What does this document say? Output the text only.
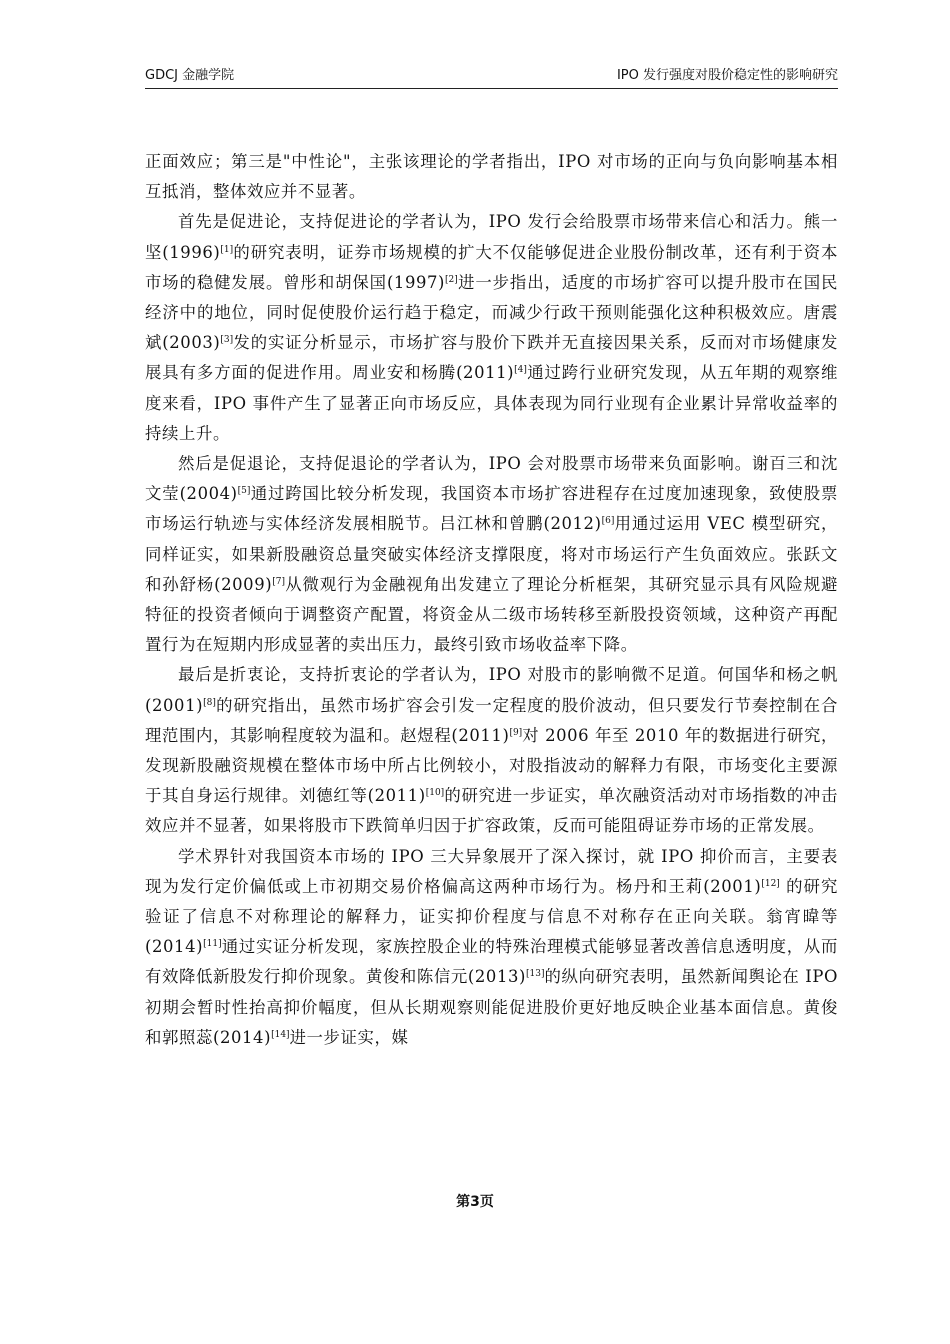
GDCJ 金融学院	IPO 发行强度对股价稳定性的影响研究

正面效应；第三是"中性论"，主张该理论的学者指出，IPO 对市场的正向与负向影响基本相互抵消，整体效应并不显著。

首先是促进论，支持促进论的学者认为，IPO 发行会给股票市场带来信心和活力。熊一坚(1996)[1]的研究表明，证券市场规模的扩大不仅能够促进企业股份制改革，还有利于资本市场的稳健发展。曾彤和胡保国(1997)[2]进一步指出，适度的市场扩容可以提升股市在国民经济中的地位，同时促使股价运行趋于稳定，而减少行政干预则能强化这种积极效应。唐震斌(2003)[3]发的实证分析显示，市场扩容与股价下跌并无直接因果关系，反而对市场健康发展具有多方面的促进作用。周业安和杨腾(2011)[4]通过跨行业研究发现，从五年期的观察维度来看，IPO 事件产生了显著正向市场反应，具体表现为同行业现有企业累计异常收益率的持续上升。

然后是促退论，支持促退论的学者认为，IPO 会对股票市场带来负面影响。谢百三和沈文莹(2004)[5]通过跨国比较分析发现，我国资本市场扩容进程存在过度加速现象，致使股票市场运行轨迹与实体经济发展相脱节。吕江林和曾鹏(2012)[6]用通过运用 VEC 模型研究，同样证实，如果新股融资总量突破实体经济支撑限度，将对市场运行产生负面效应。张跃文和孙舒杨(2009)[7]从微观行为金融视角出发建立了理论分析框架，其研究显示具有风险规避特征的投资者倾向于调整资产配置，将资金从二级市场转移至新股投资领域，这种资产再配置行为在短期内形成显著的卖出压力，最终引致市场收益率下降。

最后是折衷论，支持折衷论的学者认为，IPO 对股市的影响微不足道。何国华和杨之帆(2001)[8]的研究指出，虽然市场扩容会引发一定程度的股价波动，但只要发行节奏控制在合理范围内，其影响程度较为温和。赵煜程(2011)[9]对 2006 年至 2010 年的数据进行研究，发现新股融资规模在整体市场中所占比例较小，对股指波动的解释力有限，市场变化主要源于其自身运行规律。刘德红等(2011)[10]的研究进一步证实，单次融资活动对市场指数的冲击效应并不显著，如果将股市下跌简单归因于扩容政策，反而可能阻碍证券市场的正常发展。

学术界针对我国资本市场的 IPO 三大异象展开了深入探讨，就 IPO 抑价而言，主要表现为发行定价偏低或上市初期交易价格偏高这两种市场行为。杨丹和王莉(2001)[12] 的研究验证了信息不对称理论的解释力，证实抑价程度与信息不对称存在正向关联。翁宵暐等(2014)[11]通过实证分析发现，家族控股企业的特殊治理模式能够显著改善信息透明度，从而有效降低新股发行抑价现象。黄俊和陈信元(2013)[13]的纵向研究表明，虽然新闻舆论在 IPO 初期会暂时性抬高抑价幅度，但从长期观察则能促进股价更好地反映企业基本面信息。黄俊和郭照蕊(2014)[14]进一步证实，媒

第3页
